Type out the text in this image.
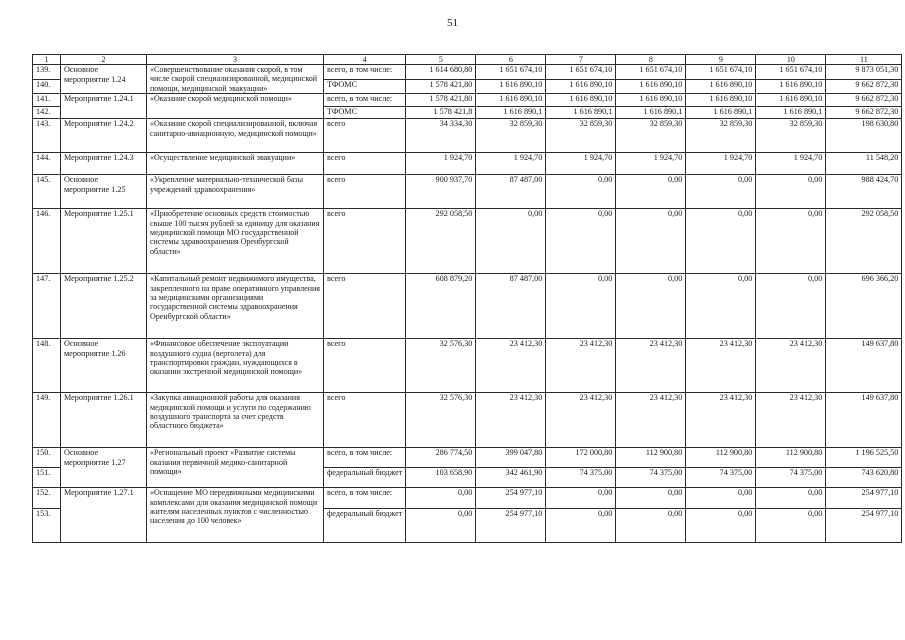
51
1	2	3	4	5	6	7	8	9	10	11
139.	Основное мероприятие 1.24	«Совершенствование оказания скорой, в том числе скорой специализированной, медицинской помощи, медицинской эвакуации»	всего, в том числе:	1 614 680,80	1 651 674,10	1 651 674,10	1 651 674,10	1 651 674,10	1 651 674,10	9 873 051,30
140.			ТФОМС	1 578 421,80	1 616 890,10	1 616 890,10	1 616 890,10	1 616 890,10	1 616 890,10	9 662 872,30
141.	Мероприятие 1.24.1	«Оказание скорой медицинской помощи»	всего, в том числе:	1 578 421,80	1 616 890,10	1 616 890,10	1 616 890,10	1 616 890,10	1 616 890,10	9 662 872,30
142.			ТФОМС	1 578 421,8	1 616 890,1	1 616 890,1	1 616 890,1	1 616 890,1	1 616 890,1	9 662 872,30
143.	Мероприятие 1.24.2	«Оказание скорой специализированной, включая санитарно-авиационную, медицинской помощи»	всего	34 334,30	32 859,30	32 859,30	32 859,30	32 859,30	32 859,30	198 630,80
144.	Мероприятие 1.24.3	«Осуществление медицинской эвакуации»	всего	1 924,70	1 924,70	1 924,70	1 924,70	1 924,70	1 924,70	11 548,20
145.	Основное мероприятие 1.25	«Укрепление материально-технической базы учреждений здравоохранения»	всего	900 937,70	87 487,00	0,00	0,00	0,00	0,00	988 424,70
146.	Мероприятие 1.25.1	«Приобретение основных средств стоимостью свыше 100 тысяч рублей за единицу для оказания медицинской помощи МО государственной системы здравоохранения Оренбургской области»	всего	292 058,50	0,00	0,00	0,00	0,00	0,00	292 058,50
147.	Мероприятие 1.25.2	«Капитальный ремонт недвижимого имущества, закрепленного на праве оперативного управления за медицинскими организациями государственной системы здравоохранения Оренбургской области»	всего	608 879,20	87 487,00	0,00	0,00	0,00	0,00	696 366,20
148.	Основное мероприятие 1.26	«Финансовое обеспечение эксплуатации воздушного судна (вертолета) для транспортировки граждан, нуждающихся в оказании экстренной медицинской помощи»	всего	32 576,30	23 412,30	23 412,30	23 412,30	23 412,30	23 412,30	149 637,80
149.	Мероприятие 1.26.1	«Закупка авиационной работы для оказания медицинской помощи и услуги по содержанию воздушного транспорта за счет средств областного бюджета»	всего	32 576,30	23 412,30	23 412,30	23 412,30	23 412,30	23 412,30	149 637,80
150.	Основное мероприятие 1.27	«Региональный проект «Развитие системы оказания первичной медико-санитарной помощи»	всего, в том числе:	286 774,50	399 047,80	172 000,80	112 900,80	112 900,80	112 900,80	1 196 525,50
151.			федеральный бюджет	103 658,90	342 461,90	74 375,00	74 375,00	74 375,00	74 375,00	743 620,80
152.	Мероприятие 1.27.1	«Оснащение МО передвижными медицинскими комплексами для оказания медицинской помощи жителям населенных пунктов с численностью населения до 100 человек»	всего, в том числе:	0,00	254 977,10	0,00	0,00	0,00	0,00	254 977,10
153.			федеральный бюджет	0,00	254 977,10	0,00	0,00	0,00	0,00	254 977,10
